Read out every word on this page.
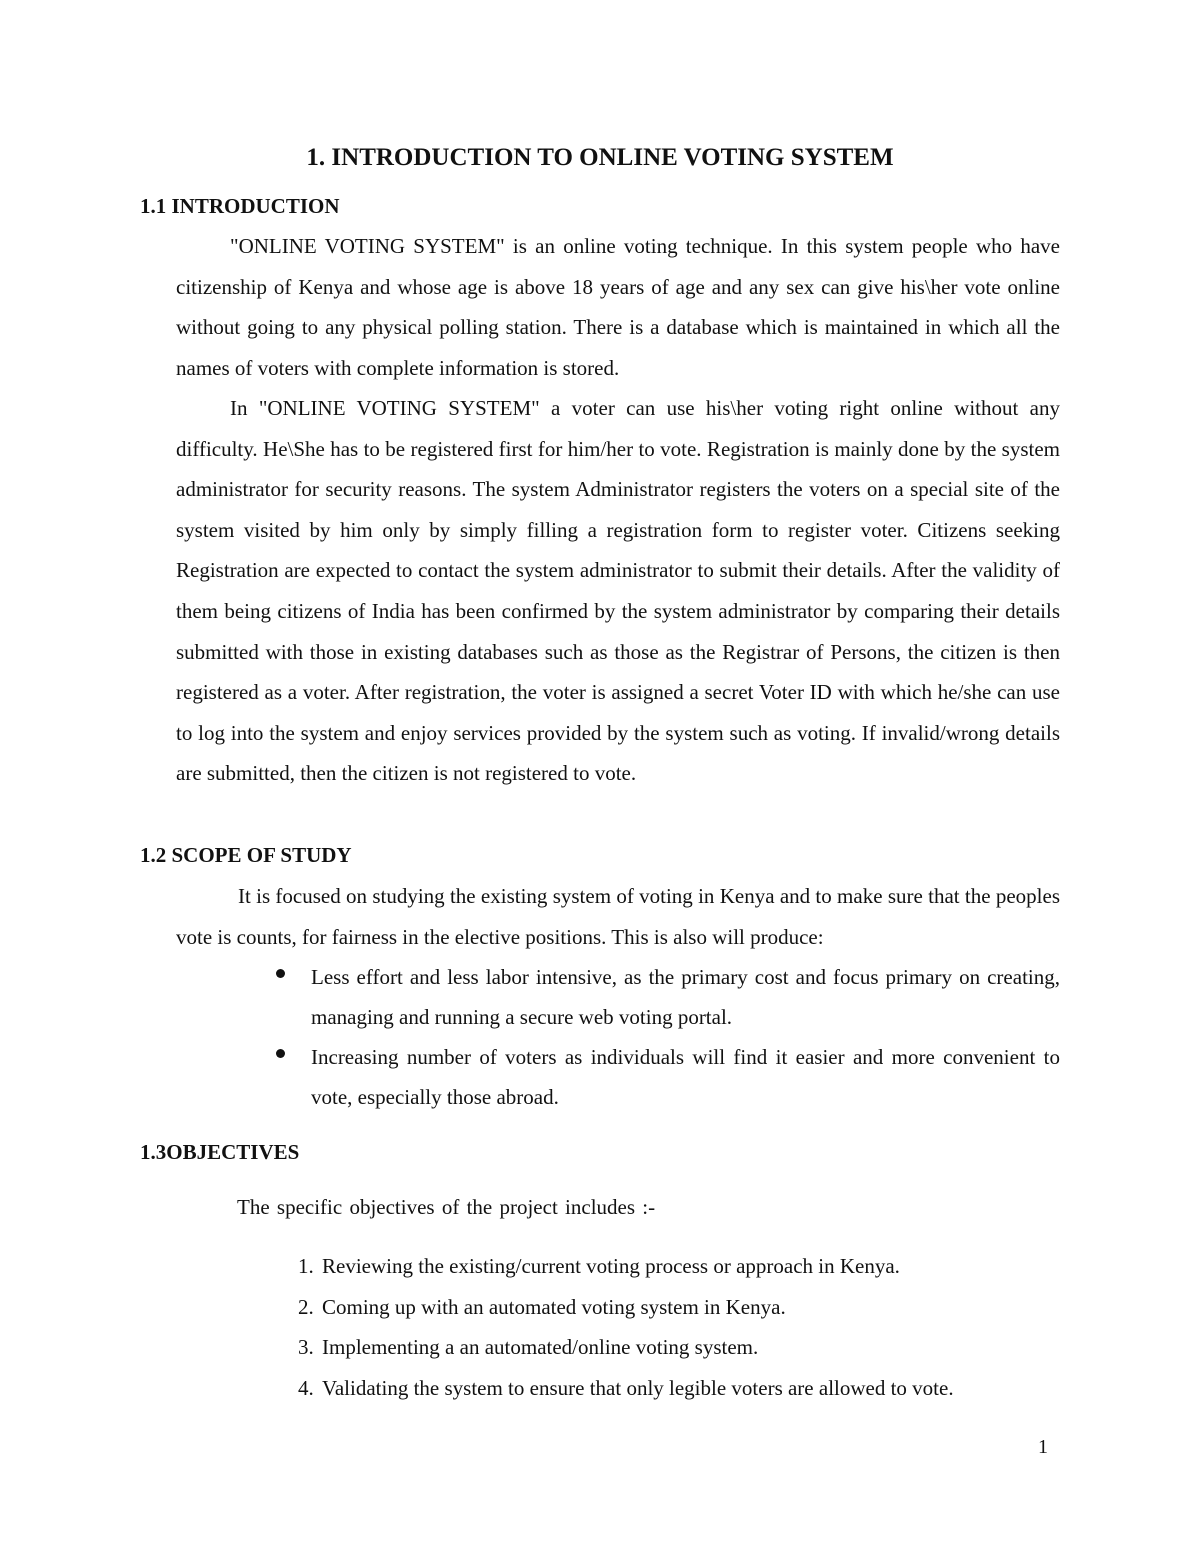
1. INTRODUCTION TO ONLINE VOTING SYSTEM
1.1 INTRODUCTION

"ONLINE VOTING SYSTEM" is an online voting technique. In this system people who have citizenship of Kenya and whose age is above 18 years of age and any sex can give his\her vote online without going to any physical polling station. There is a database which is maintained in which all the names of voters with complete information is stored.

In "ONLINE VOTING SYSTEM" a voter can use his\her voting right online without any difficulty. He\She has to be registered first for him/her to vote. Registration is mainly done by the system administrator for security reasons. The system Administrator registers the voters on a special site of the system visited by him only by simply filling a registration form to register voter. Citizens seeking Registration are expected to contact the system administrator to submit their details. After the validity of them being citizens of India has been confirmed by the system administrator by comparing their details submitted with those in existing databases such as those as the Registrar of Persons, the citizen is then registered as a voter. After registration, the voter is assigned a secret Voter ID with which he/she can use to log into the system and enjoy services provided by the system such as voting. If invalid/wrong details are submitted, then the citizen is not registered to vote.

1.2 SCOPE OF STUDY

It is focused on studying the existing system of voting in Kenya and to make sure that the peoples vote is counts, for fairness in the elective positions. This is also will produce:

Less effort and less labor intensive, as the primary cost and focus primary on creating, managing and running a secure web voting portal.
Increasing number of voters as individuals will find it easier and more convenient to vote, especially those abroad.
1.3OBJECTIVES
The specific objectives of the project includes :-
1. Reviewing the existing/current voting process or approach in Kenya.
2. Coming up with an automated voting system in Kenya.
3. Implementing a an automated/online voting system.
4. Validating the system to ensure that only legible voters are allowed to vote.
1
